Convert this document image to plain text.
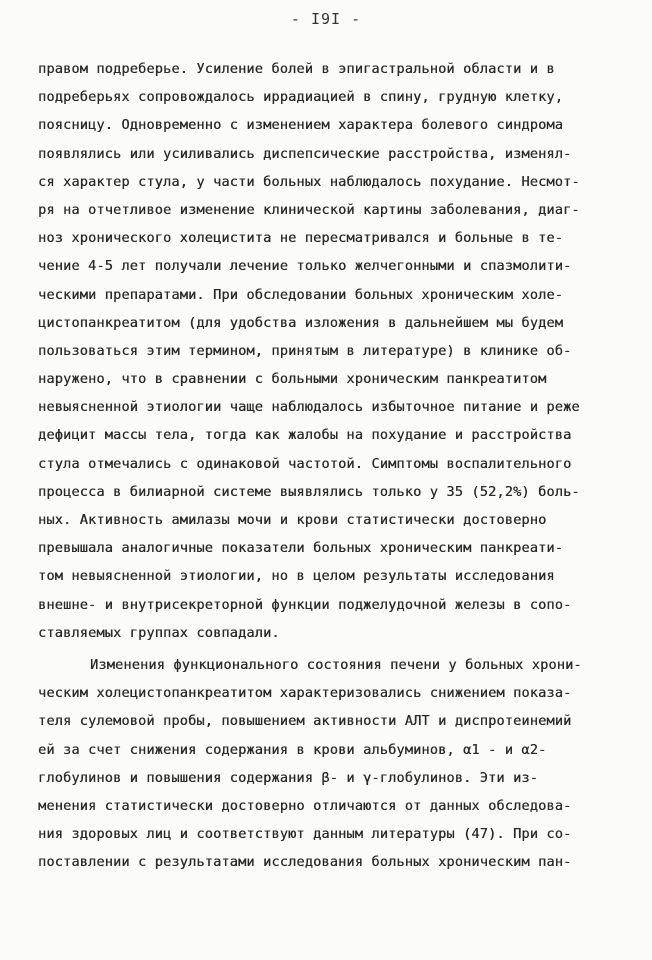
- I9I -
правом подреберье. Усиление болей в эпигастральной области и в
подреберьях сопровождалось иррадиацией в спину, грудную клетку,
поясницу. Одновременно с изменением характера болевого синдрома
появлялись или усиливались диспепсические расстройства, изменял-
ся характер стула, у части больных наблюдалось похудание. Несмот-
ря на отчетливое изменение клинической картины заболевания, диаг-
ноз хронического холецистита не пересматривался и больные в те-
чение 4-5 лет получали лечение только желчегонными и спазмолити-
ческими препаратами. При обследовании больных хроническим холе-
цистопанкреатитом (для удобства изложения в дальнейшем мы будем
пользоваться этим термином, принятым в литературе) в клинике об-
наружено, что в сравнении с больными хроническим панкреатитом
невыясненной этиологии чаще наблюдалось избыточное питание и реже
дефицит массы тела, тогда как жалобы на похудание и расстройства
стула отмечались с одинаковой частотой. Симптомы воспалительного
процесса в билиарной системе выявлялись только у 35 (52,2%) боль-
ных. Активность амилазы мочи и крови статистически достоверно
превышала аналогичные показатели больных хроническим панкреати-
том невыясненной этиологии, но в целом результаты исследования
внешне- и внутрисекреторной функции поджелудочной железы в сопо-
ставляемых группах совпадали.
Изменения функционального состояния печени у больных хрони-
ческим холецистопанкреатитом характеризовались снижением показа-
теля сулемовой пробы, повышением активности АЛТ и диспротеинемий
ей за счет снижения содержания в крови альбуминов, α1 - и α2-
глобулинов и повышения содержания β- и γ-глобулинов. Эти из-
менения статистически достоверно отличаются от данных обследова-
ния здоровых лиц и соответствуют данным литературы (47). При со-
поставлении с результатами исследования больных хроническим пан-
